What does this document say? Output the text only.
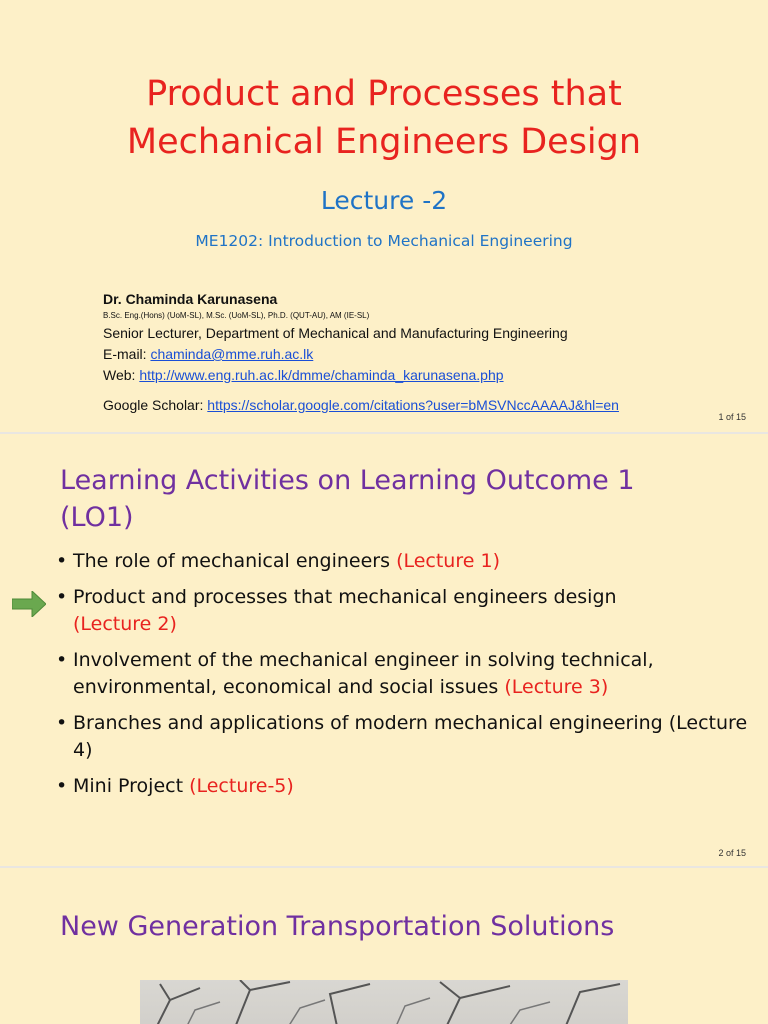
Product and Processes that
Mechanical Engineers Design
Lecture -2
ME1202: Introduction to Mechanical Engineering
Dr. Chaminda Karunasena
B.Sc. Eng.(Hons) (UoM-SL), M.Sc. (UoM-SL), Ph.D. (QUT-AU), AM (IE-SL)
Senior Lecturer, Department of Mechanical and Manufacturing Engineering
E-mail: chaminda@mme.ruh.ac.lk
Web: http://www.eng.ruh.ac.lk/dmme/chaminda_karunasena.php
Google Scholar: https://scholar.google.com/citations?user=bMSVNccAAAAJ&hl=en
1 of 15
Learning Activities on Learning Outcome 1
(LO1)
• The role of mechanical engineers (Lecture 1)
• Product and processes that mechanical engineers design
(Lecture 2)
• Involvement of the mechanical engineer in solving technical, environmental, economical and social issues (Lecture 3)
• Branches and applications of modern mechanical engineering (Lecture 4)
• Mini Project (Lecture-5)
2 of 15
New Generation Transportation Solutions
